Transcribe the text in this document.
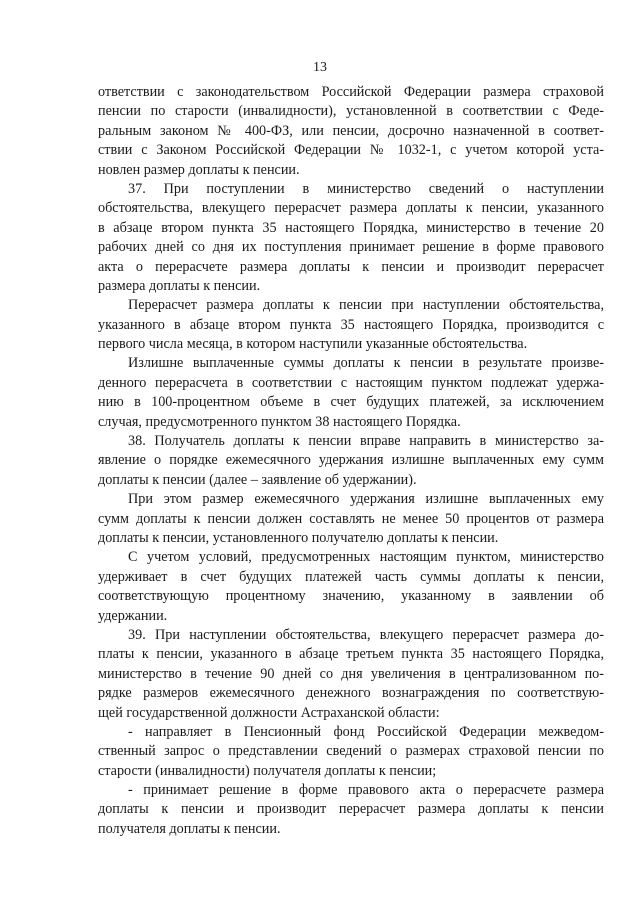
13
ответствии с законодательством Российской Федерации размера страховой
пенсии по старости (инвалидности), установленной в соответствии с Феде-
ральным законом № 400-ФЗ, или пенсии, досрочно назначенной в соответ-
ствии с Законом Российской Федерации № 1032-1, с учетом которой уста-
новлен размер доплаты к пенсии.
37. При поступлении в министерство сведений о наступлении
обстоятельства, влекущего перерасчет размера доплаты к пенсии, указанного
в абзаце втором пункта 35 настоящего Порядка, министерство в течение 20
рабочих дней со дня их поступления принимает решение в форме правового
акта о перерасчете размера доплаты к пенсии и производит перерасчет
размера доплаты к пенсии.
Перерасчет размера доплаты к пенсии при наступлении обстоятельства,
указанного в абзаце втором пункта 35 настоящего Порядка, производится с
первого числа месяца, в котором наступили указанные обстоятельства.
Излишне выплаченные суммы доплаты к пенсии в результате произве-
денного перерасчета в соответствии с настоящим пунктом подлежат удержа-
нию в 100-процентном объеме в счет будущих платежей, за исключением
случая, предусмотренного пунктом 38 настоящего Порядка.
38. Получатель доплаты к пенсии вправе направить в министерство за-
явление о порядке ежемесячного удержания излишне выплаченных ему сумм
доплаты к пенсии (далее – заявление об удержании).
При этом размер ежемесячного удержания излишне выплаченных ему
сумм доплаты к пенсии должен составлять не менее 50 процентов от размера
доплаты к пенсии, установленного получателю доплаты к пенсии.
С учетом условий, предусмотренных настоящим пунктом, министерство
удерживает в счет будущих платежей часть суммы доплаты к пенсии,
соответствующую процентному значению, указанному в заявлении об
удержании.
39. При наступлении обстоятельства, влекущего перерасчет размера до-
платы к пенсии, указанного в абзаце третьем пункта 35 настоящего Порядка,
министерство в течение 90 дней со дня увеличения в централизованном по-
рядке размеров ежемесячного денежного вознаграждения по соответствую-
щей государственной должности Астраханской области:
- направляет в Пенсионный фонд Российской Федерации межведом-
ственный запрос о представлении сведений о размерах страховой пенсии по
старости (инвалидности) получателя доплаты к пенсии;
- принимает решение в форме правового акта о перерасчете размера
доплаты к пенсии и производит перерасчет размера доплаты к пенсии
получателя доплаты к пенсии.
